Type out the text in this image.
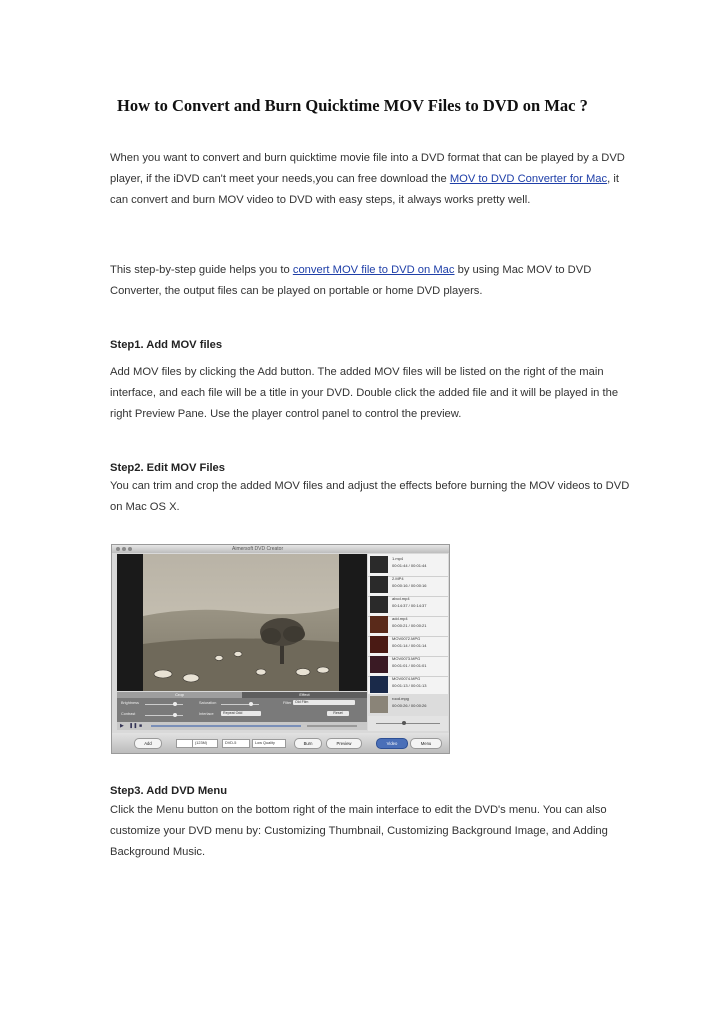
How to Convert and Burn Quicktime MOV Files to DVD on Mac ?
When you want to convert and burn quicktime movie file into a DVD format that can be played by a DVD player, if the iDVD can't meet your needs,you can free download the MOV to DVD Converter for Mac, it can convert and burn MOV video to DVD with easy steps, it always works pretty well.
This step-by-step guide helps you to convert MOV file to DVD on Mac by using Mac MOV to DVD Converter, the output files can be played on portable or home DVD players.
Step1. Add MOV files
Add MOV files by clicking the Add button. The added MOV files will be listed on the right of the main interface, and each file will be a title in your DVD. Double click the added file and it will be played in the right Preview Pane. Use the player control panel to control the preview.
Step2. Edit MOV Files
You can trim and crop the added MOV files and adjust the effects before burning the MOV videos to DVD on Mac OS X.
Aimersoft DVD Creator
1.mp4
00:01:44 / 00:01:44
2.MP4
00:00:16 / 00:00:16
abcd.mp4
00:14:37 / 00:14:37
add.mp4
00:00:21 / 00:00:21
MOV0072.MPG
00:01:14 / 00:01:14
MOV0073.MPG
00:01:01 / 00:01:01
MOV0074.MPG
00:01:13 / 00:01:13
rood.mpg
00:00:26 / 00:00:26
Crop	Effect
Brightness	Saturation	Filter Old Film
Contrast	Interlace	Repeat Odd	Reset
▶ ❚❚ ■
Add	(123M)	DVD-5	Low Quality	Burn	Preview	Video	Menu
Step3. Add DVD Menu
Click the Menu button on the bottom right of the main interface to edit the DVD's menu. You can also customize your DVD menu by: Customizing Thumbnail, Customizing Background Image, and Adding Background Music.
